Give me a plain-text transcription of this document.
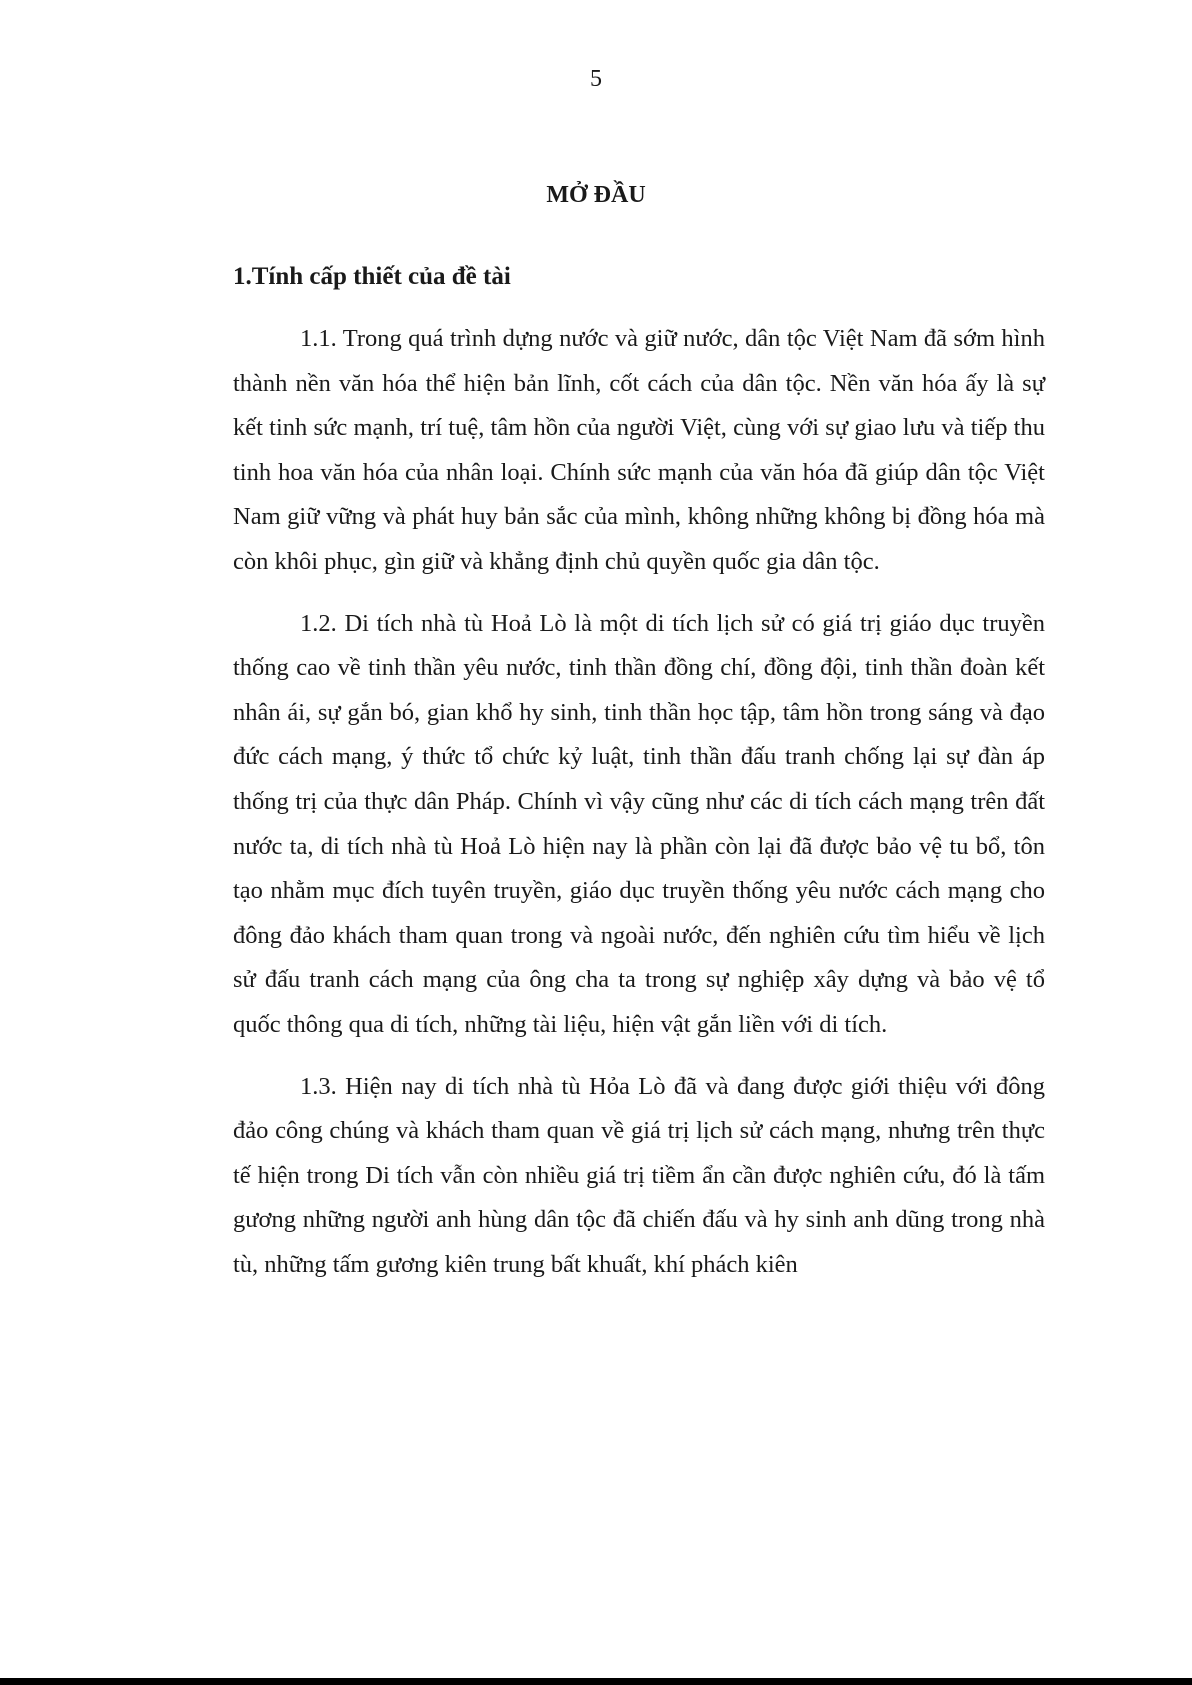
5
MỞ ĐẦU
1.Tính cấp thiết của đề tài

1.1. Trong quá trình dựng nước và giữ nước, dân tộc Việt Nam đã sớm hình thành nền văn hóa thể hiện bản lĩnh, cốt cách của dân tộc. Nền văn hóa ấy là sự kết tinh sức mạnh, trí tuệ, tâm hồn của người Việt, cùng với sự giao lưu và tiếp thu tinh hoa văn hóa của nhân loại. Chính sức mạnh của văn hóa đã giúp dân tộc Việt Nam giữ vững và phát huy bản sắc của mình, không những không bị đồng hóa mà còn khôi phục, gìn giữ và khẳng định chủ quyền quốc gia dân tộc.

1.2. Di tích nhà tù Hoả Lò là một di tích lịch sử có giá trị giáo dục truyền thống cao về tinh thần yêu nước, tinh thần đồng chí, đồng đội, tinh thần đoàn kết nhân ái, sự gắn bó, gian khổ hy sinh, tinh thần học tập, tâm hồn trong sáng và đạo đức cách mạng, ý thức tổ chức kỷ luật, tinh thần đấu tranh chống lại sự đàn áp thống trị của thực dân Pháp. Chính vì vậy cũng như các di tích cách mạng trên đất nước ta, di tích nhà tù Hoả Lò hiện nay là phần còn lại đã được bảo vệ tu bổ, tôn tạo nhằm mục đích tuyên truyền, giáo dục truyền thống yêu nước cách mạng cho đông đảo khách tham quan trong và ngoài nước, đến nghiên cứu tìm hiểu về lịch sử đấu tranh cách mạng của ông cha ta trong sự nghiệp xây dựng và bảo vệ tổ quốc thông qua di tích, những tài liệu, hiện vật gắn liền với di tích.

1.3. Hiện nay di tích nhà tù Hỏa Lò đã và đang được giới thiệu với đông đảo công chúng và khách tham quan về giá trị lịch sử cách mạng, nhưng trên thực tế hiện trong Di tích vẫn còn nhiều giá trị tiềm ẩn cần được nghiên cứu, đó là tấm gương những người anh hùng dân tộc đã chiến đấu và hy sinh anh dũng trong nhà tù, những tấm gương kiên trung bất khuất, khí phách kiên
